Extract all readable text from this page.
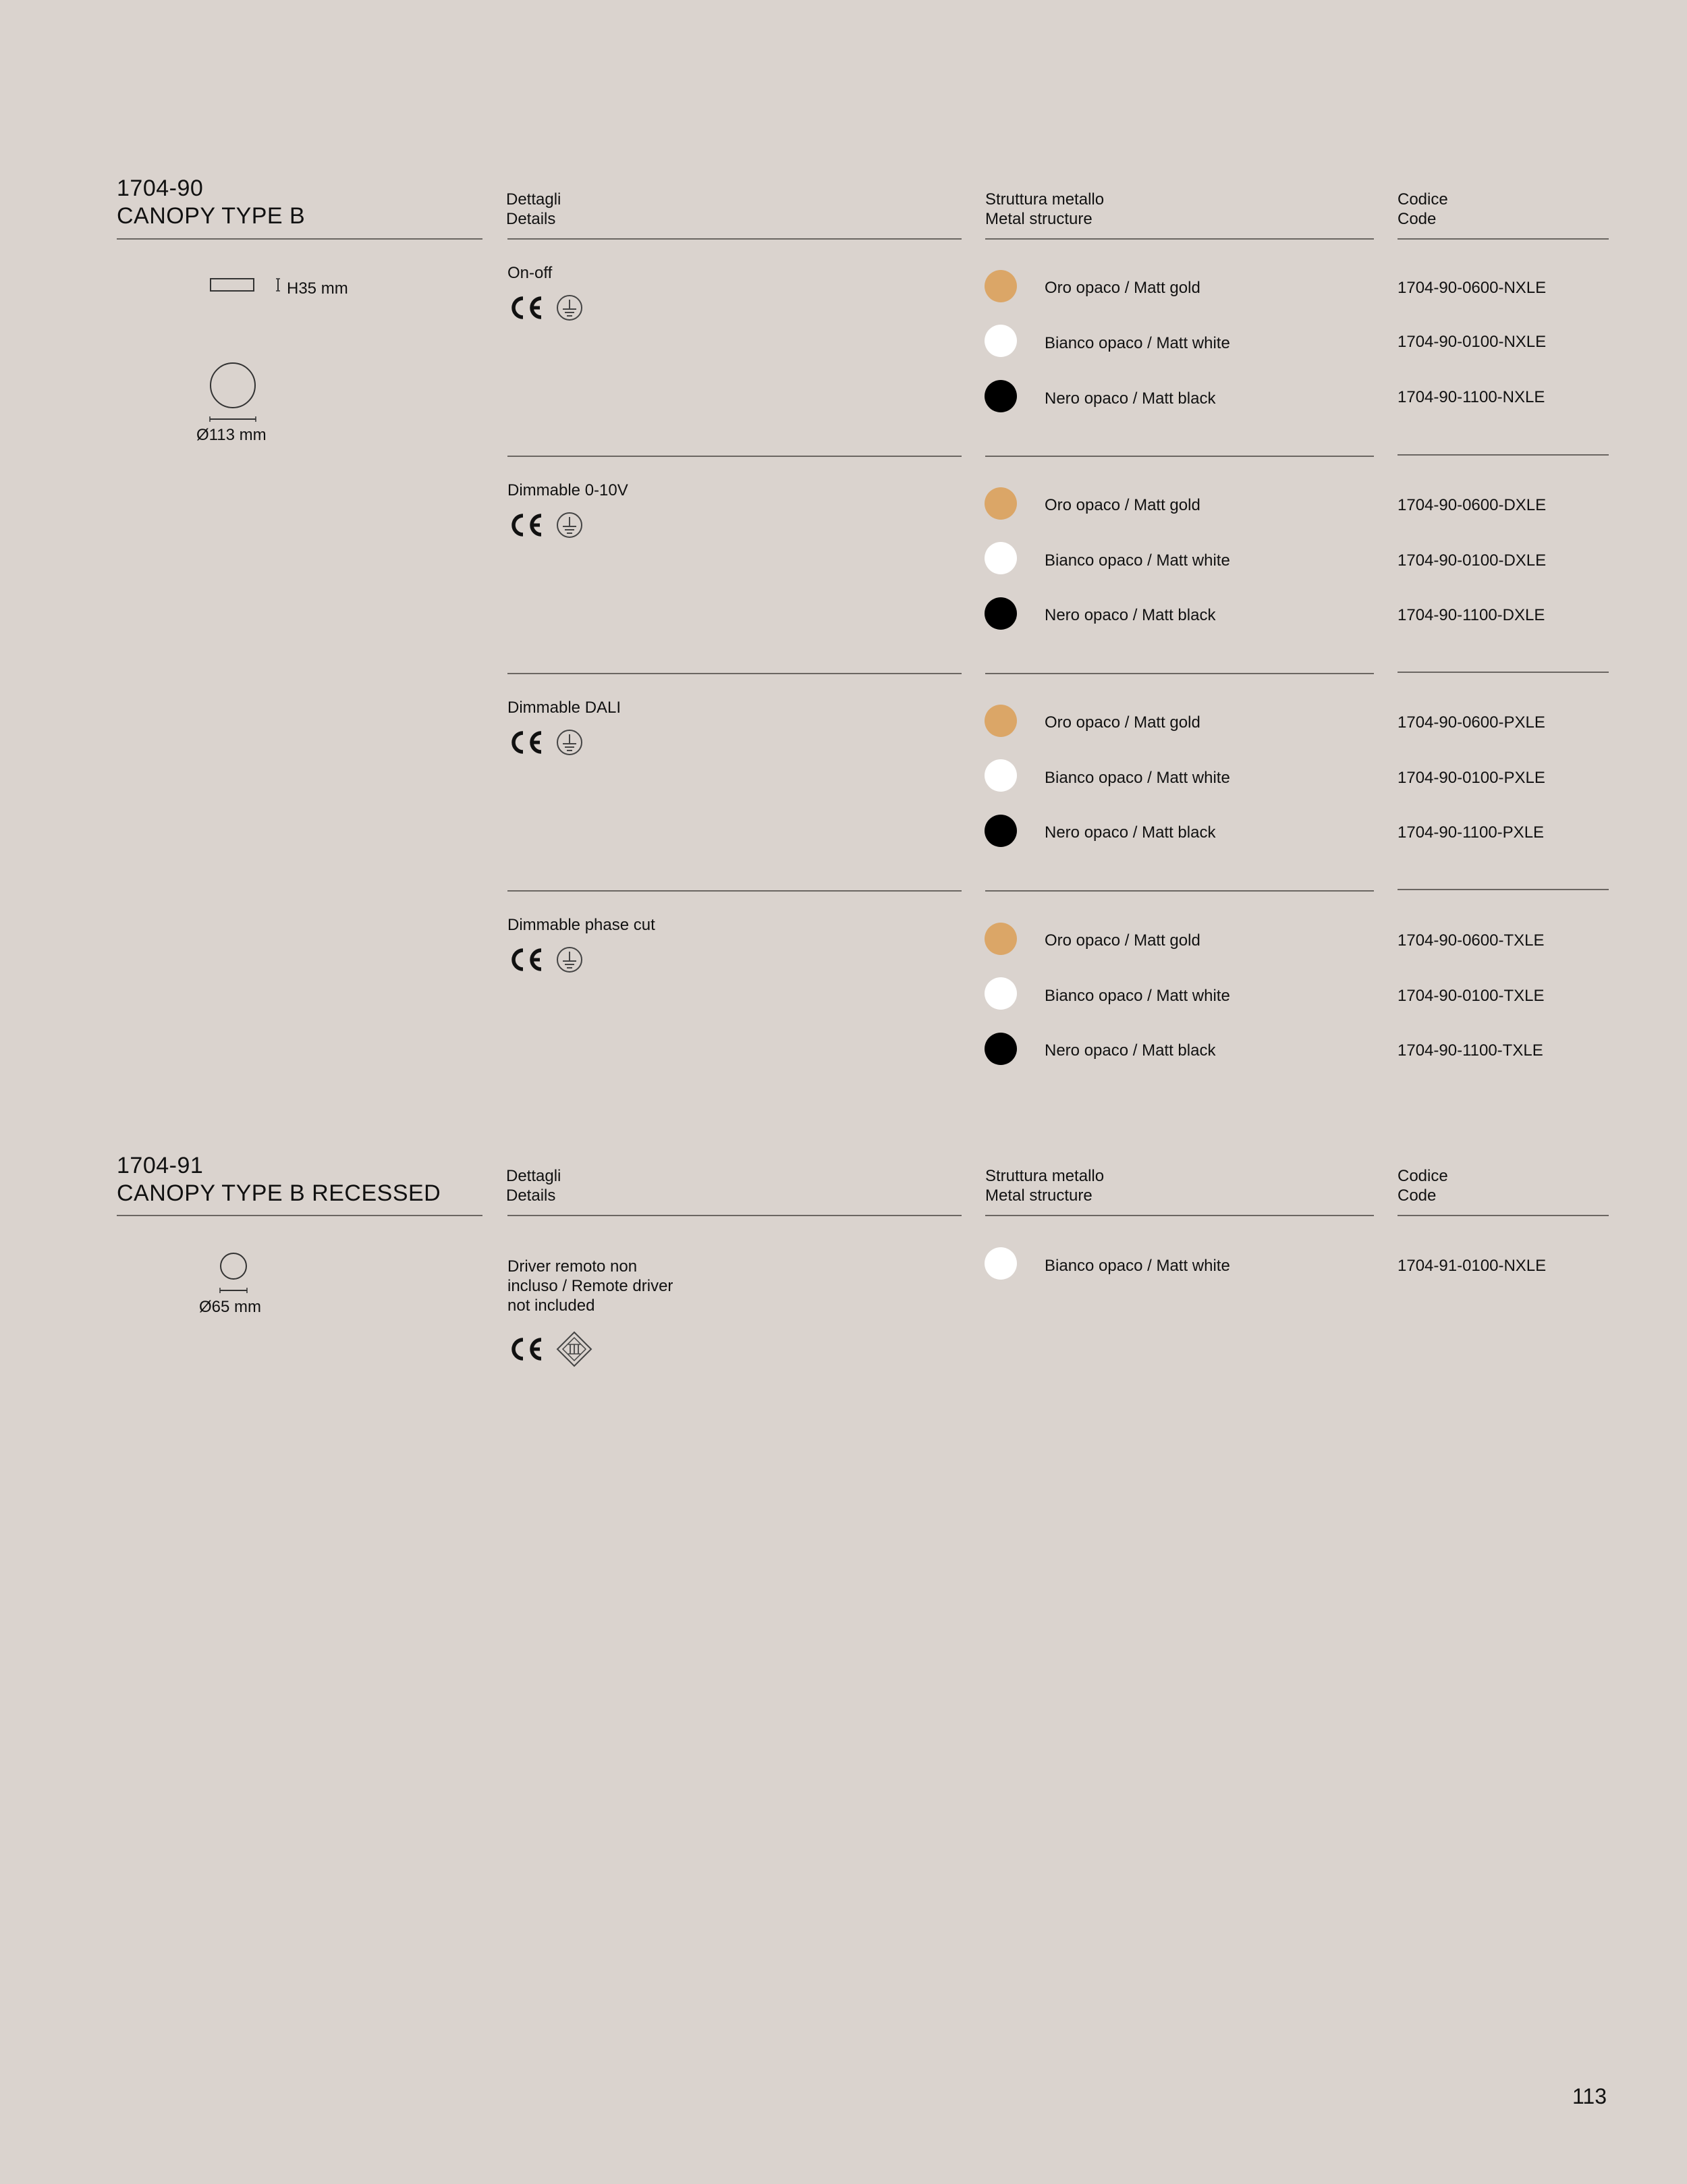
1704-90
CANOPY TYPE B
Dettagli
Details
Struttura metallo
Metal structure
Codice
Code
H35 mm
Ø113 mm
On-off
Oro opaco / Matt gold	1704-90-0600-NXLE
Bianco opaco / Matt white	1704-90-0100-NXLE
Nero opaco / Matt black	1704-90-1100-NXLE
Dimmable 0-10V
Oro opaco / Matt gold	1704-90-0600-DXLE
Bianco opaco / Matt white	1704-90-0100-DXLE
Nero opaco / Matt black	1704-90-1100-DXLE
Dimmable DALI
Oro opaco / Matt gold	1704-90-0600-PXLE
Bianco opaco / Matt white	1704-90-0100-PXLE
Nero opaco / Matt black	1704-90-1100-PXLE
Dimmable phase cut
Oro opaco / Matt gold	1704-90-0600-TXLE
Bianco opaco / Matt white	1704-90-0100-TXLE
Nero opaco / Matt black	1704-90-1100-TXLE
1704-91
CANOPY TYPE B RECESSED
Dettagli
Details
Struttura metallo
Metal structure
Codice
Code
Ø65 mm
Driver remoto non
incluso / Remote driver
not included
Bianco opaco / Matt white	1704-91-0100-NXLE
113
